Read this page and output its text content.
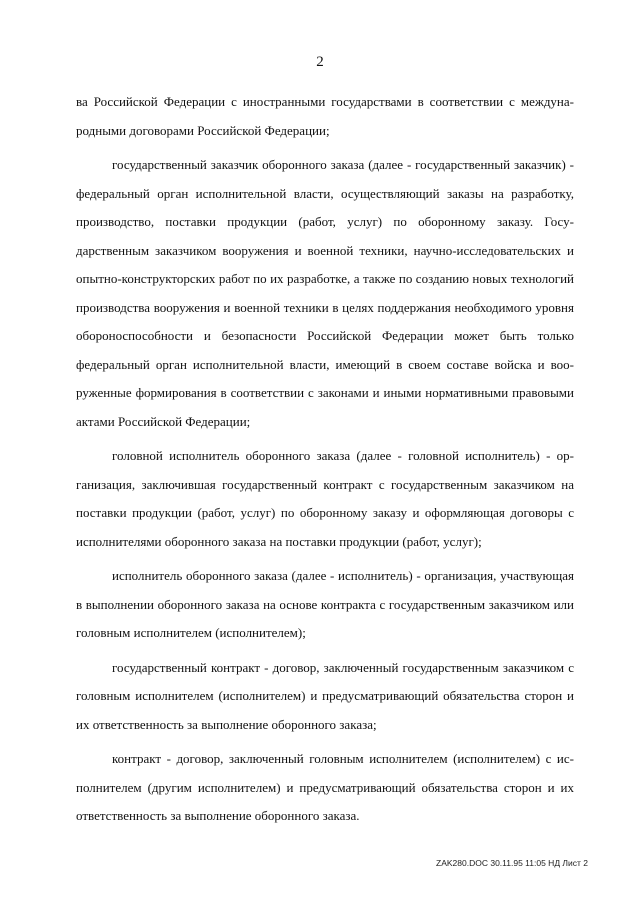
2

ва Российской Федерации с иностранными государствами в соответствии с международными договорами Российской Федерации;

государственный заказчик оборонного заказа (далее - государственный заказчик) - федеральный орган исполнительной власти, осуществляющий заказы на разработку, производство, поставки продукции (работ, услуг) по оборонному заказу. Государственным заказчиком вооружения и военной техники, научно-исследовательских и опытно-конструкторских работ по их разработке, а также по созданию новых технологий производства вооружения и военной техники в целях поддержания необходимого уровня обороноспособности и безопасности Российской Федерации может быть только федеральный орган исполнительной власти, имеющий в своем составе войска и вооруженные формирования в соответствии с законами и иными нормативными правовыми актами Российской Федерации;

головной исполнитель оборонного заказа (далее - головной исполнитель) - организация, заключившая государственный контракт с государственным заказчиком на поставки продукции (работ, услуг) по оборонному заказу и оформляющая договоры с исполнителями оборонного заказа на поставки продукции (работ, услуг);

исполнитель оборонного заказа (далее - исполнитель) - организация, участвующая в выполнении оборонного заказа на основе контракта с государственным заказчиком или головным исполнителем (исполнителем);

государственный контракт - договор, заключенный государственным заказчиком с головным исполнителем (исполнителем) и предусматривающий обязательства сторон и их ответственность за выполнение оборонного заказа;

контракт - договор, заключенный головным исполнителем (исполнителем) с исполнителем (другим исполнителем) и предусматривающий обязательства сторон и их ответственность за выполнение оборонного заказа.

ZAK280.DOC 30.11.95 11:05 НД Лист 2
